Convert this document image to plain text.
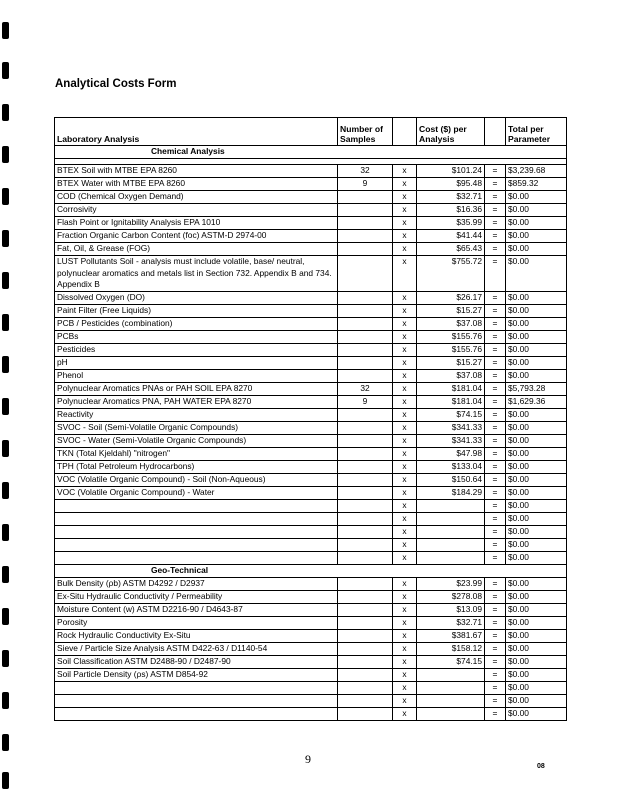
Analytical Costs Form
Laboratory Analysis	Number of Samples		Cost ($) per Analysis		Total per Parameter
Chemical Analysis					

BTEX Soil with MTBE EPA 8260	32	x	$101.24	=	$3,239.68
BTEX Water with MTBE EPA 8260	9	x	$95.48	=	$859.32
COD (Chemical Oxygen Demand)		x	$32.71	=	$0.00
Corrosivity		x	$16.36	=	$0.00
Flash Point or Ignitability Analysis EPA 1010		x	$35.99	=	$0.00
Fraction Organic Carbon Content (foc) ASTM-D 2974-00		x	$41.44	=	$0.00
Fat, Oil, & Grease (FOG)		x	$65.43	=	$0.00
LUST Pollutants Soil - analysis must include volatile, base/ neutral, polynuclear aromatics and metals list in Section 732. Appendix B and 734. Appendix B		x	$755.72	=	$0.00
Dissolved Oxygen (DO)		x	$26.17	=	$0.00
Paint Filter (Free Liquids)		x	$15.27	=	$0.00
PCB / Pesticides (combination)		x	$37.08	=	$0.00
PCBs		x	$155.76	=	$0.00
Pesticides		x	$155.76	=	$0.00
pH		x	$15.27	=	$0.00
Phenol		x	$37.08	=	$0.00
Polynuclear Aromatics PNAs or PAH SOIL EPA 8270	32	x	$181.04	=	$5,793.28
Polynuclear Aromatics PNA, PAH WATER EPA 8270	9	x	$181.04	=	$1,629.36
Reactivity		x	$74.15	=	$0.00
SVOC - Soil (Semi-Volatile Organic Compounds)		x	$341.33	=	$0.00
SVOC - Water (Semi-Volatile Organic Compounds)		x	$341.33	=	$0.00
TKN (Total Kjeldahl) "nitrogen"		x	$47.98	=	$0.00
TPH (Total Petroleum Hydrocarbons)		x	$133.04	=	$0.00
VOC (Volatile Organic Compound) - Soil (Non-Aqueous)		x	$150.64	=	$0.00
VOC (Volatile Organic Compound) - Water		x	$184.29	=	$0.00
		x		=	$0.00
		x		=	$0.00
		x		=	$0.00
		x		=	$0.00
		x		=	$0.00
Geo-Technical					
Bulk Density (ρb) ASTM D4292 / D2937		x	$23.99	=	$0.00
Ex-Situ Hydraulic Conductivity / Permeability		x	$278.08	=	$0.00
Moisture Content (w) ASTM D2216-90 / D4643-87		x	$13.09	=	$0.00
Porosity		x	$32.71	=	$0.00
Rock Hydraulic Conductivity Ex-Situ		x	$381.67	=	$0.00
Sieve / Particle Size Analysis ASTM D422-63 / D1140-54		x	$158.12	=	$0.00
Soil Classification ASTM D2488-90 / D2487-90		x	$74.15	=	$0.00
Soil Particle Density (ρs) ASTM D854-92		x		=	$0.00
		x		=	$0.00
		x		=	$0.00
		x		=	$0.00
9
08
